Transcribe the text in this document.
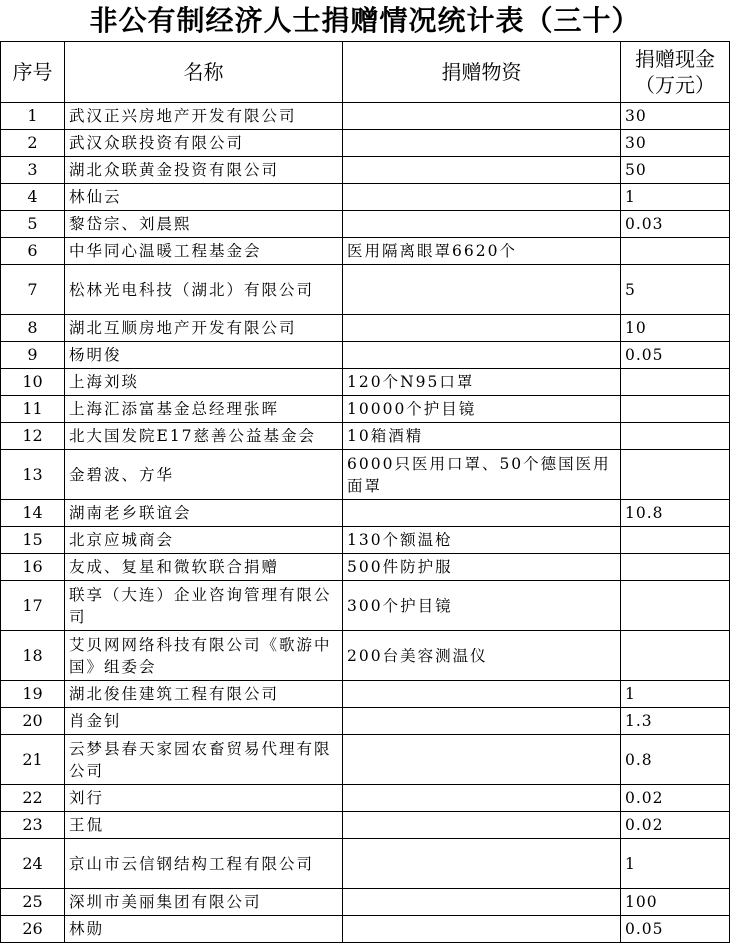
非公有制经济人士捐赠情况统计表（三十）
序号	名称	捐赠物资	捐赠现金
（万元）

1	武汉正兴房地产开发有限公司		30
2	武汉众联投资有限公司		30
3	湖北众联黄金投资有限公司		50
4	林仙云		1
5	黎岱宗、刘晨熙		0.03
6	中华同心温暖工程基金会	医用隔离眼罩6620个	
7	松林光电科技（湖北）有限公司		5
8	湖北互顺房地产开发有限公司		10
9	杨明俊		0.05
10	上海刘琰	120个N95口罩	
11	上海汇添富基金总经理张晖	10000个护目镜	
12	北大国发院E17慈善公益基金会	10箱酒精	
13	金碧波、方华	6000只医用口罩、50个德国医用面罩	
14	湖南老乡联谊会		10.8
15	北京应城商会	130个额温枪	
16	友成、复星和微软联合捐赠	500件防护服	
17	联享（大连）企业咨询管理有限公司	300个护目镜	
18	艾贝网网络科技有限公司《歌游中国》组委会	200台美容测温仪	
19	湖北俊佳建筑工程有限公司		1
20	肖金钊		1.3
21	云梦县春天家园农畜贸易代理有限公司		0.8
22	刘行		0.02
23	王侃		0.02
24	京山市云信钢结构工程有限公司		1
25	深圳市美丽集团有限公司		100
26	林勋		0.05
